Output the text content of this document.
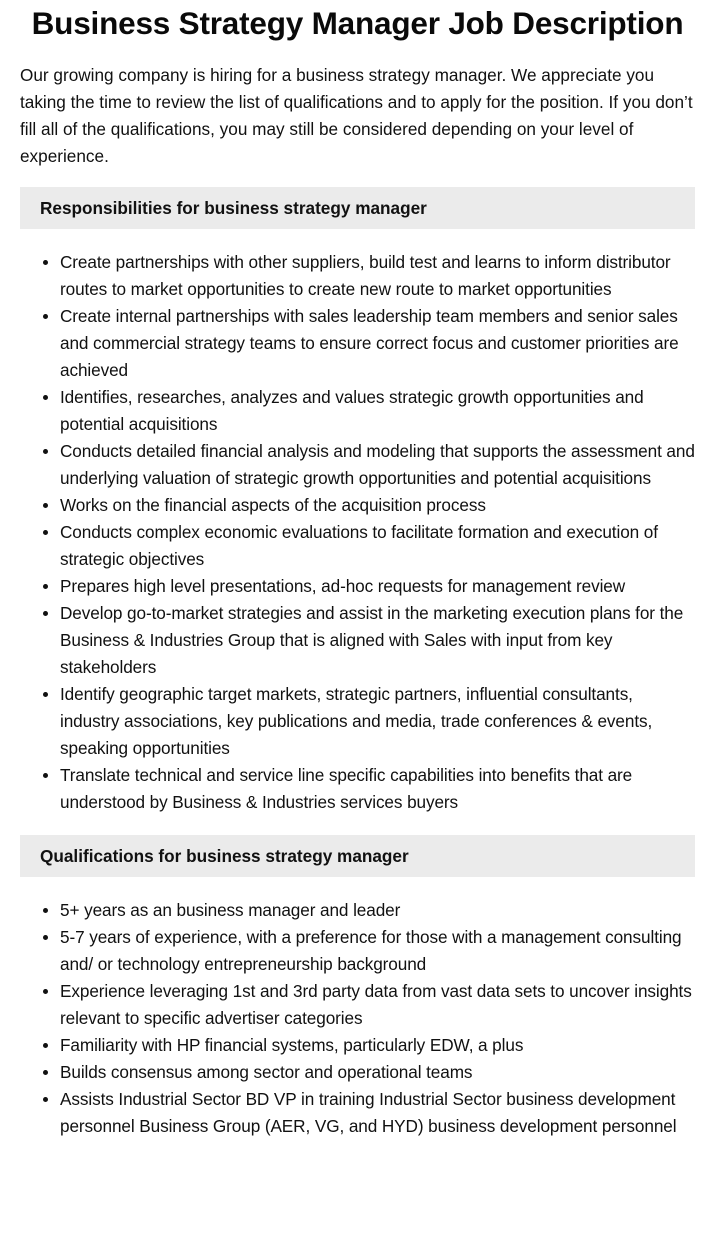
Business Strategy Manager Job Description

Our growing company is hiring for a business strategy manager. We appreciate you taking the time to review the list of qualifications and to apply for the position. If you don’t fill all of the qualifications, you may still be considered depending on your level of experience.

Responsibilities for business strategy manager
Create partnerships with other suppliers, build test and learns to inform distributor routes to market opportunities to create new route to market opportunities
Create internal partnerships with sales leadership team members and senior sales and commercial strategy teams to ensure correct focus and customer priorities are achieved
Identifies, researches, analyzes and values strategic growth opportunities and potential acquisitions
Conducts detailed financial analysis and modeling that supports the assessment and underlying valuation of strategic growth opportunities and potential acquisitions
Works on the financial aspects of the acquisition process
Conducts complex economic evaluations to facilitate formation and execution of strategic objectives
Prepares high level presentations, ad-hoc requests for management review
Develop go-to-market strategies and assist in the marketing execution plans for the Business & Industries Group that is aligned with Sales with input from key stakeholders
Identify geographic target markets, strategic partners, influential consultants, industry associations, key publications and media, trade conferences & events, speaking opportunities
Translate technical and service line specific capabilities into benefits that are understood by Business & Industries services buyers
Qualifications for business strategy manager
5+ years as an business manager and leader
5-7 years of experience, with a preference for those with a management consulting and/ or technology entrepreneurship background
Experience leveraging 1st and 3rd party data from vast data sets to uncover insights relevant to specific advertiser categories
Familiarity with HP financial systems, particularly EDW, a plus
Builds consensus among sector and operational teams
Assists Industrial Sector BD VP in training Industrial Sector business development personnel Business Group (AER, VG, and HYD) business development personnel
